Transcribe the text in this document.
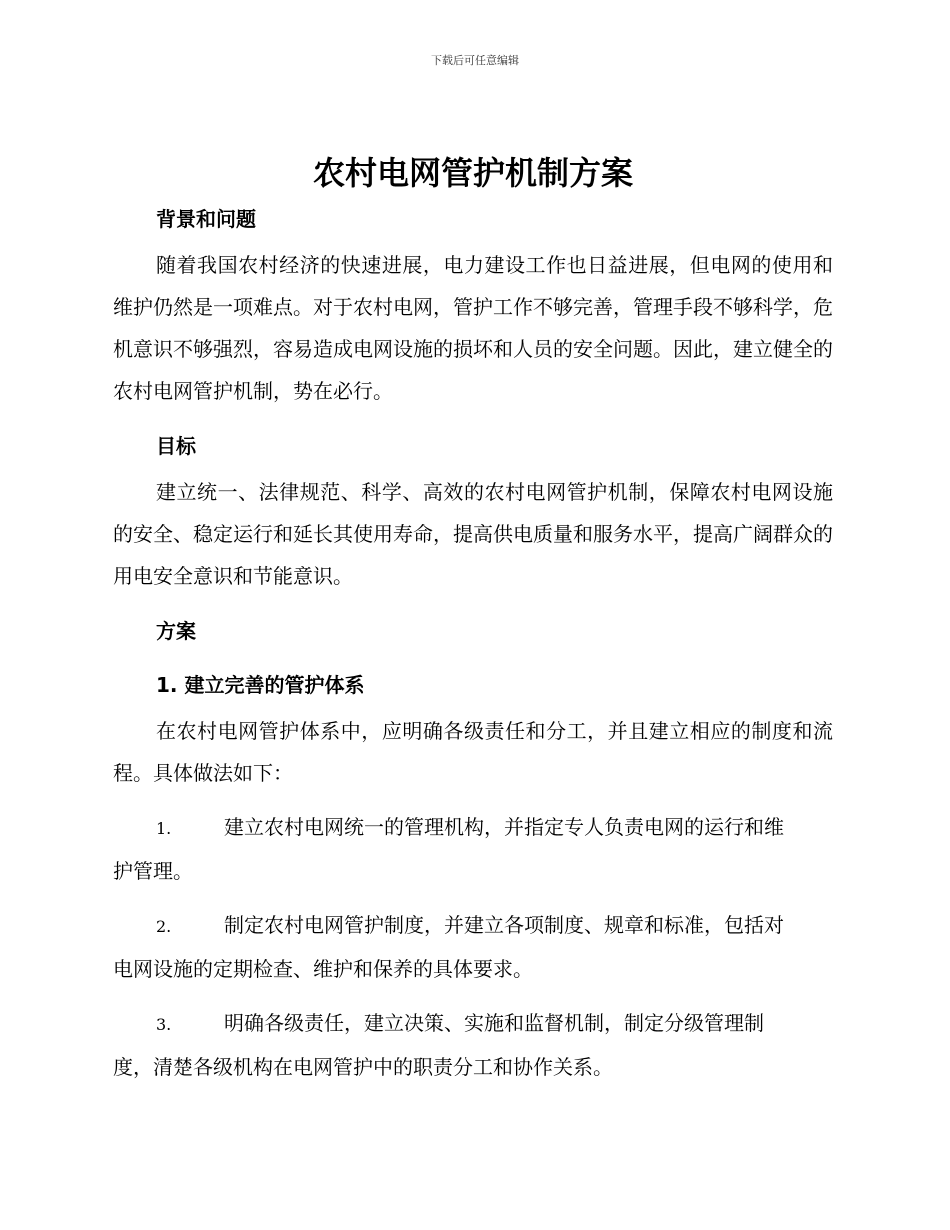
下载后可任意编辑
农村电网管护机制方案
背景和问题

随着我国农村经济的快速进展，电力建设工作也日益进展，但电网的使用和维护仍然是一项难点。对于农村电网，管护工作不够完善，管理手段不够科学，危机意识不够强烈，容易造成电网设施的损坏和人员的安全问题。因此，建立健全的农村电网管护机制，势在必行。

目标

建立统一、法律规范、科学、高效的农村电网管护机制，保障农村电网设施的安全、稳定运行和延长其使用寿命，提高供电质量和服务水平，提高广阔群众的用电安全意识和节能意识。

方案
1. 建立完善的管护体系

在农村电网管护体系中，应明确各级责任和分工，并且建立相应的制度和流程。具体做法如下：

1.	建立农村电网统一的管理机构，并指定专人负责电网的运行和维
护管理。
2.	制定农村电网管护制度，并建立各项制度、规章和标准，包括对
电网设施的定期检查、维护和保养的具体要求。
3.	明确各级责任，建立决策、实施和监督机制，制定分级管理制
度，清楚各级机构在电网管护中的职责分工和协作关系。
